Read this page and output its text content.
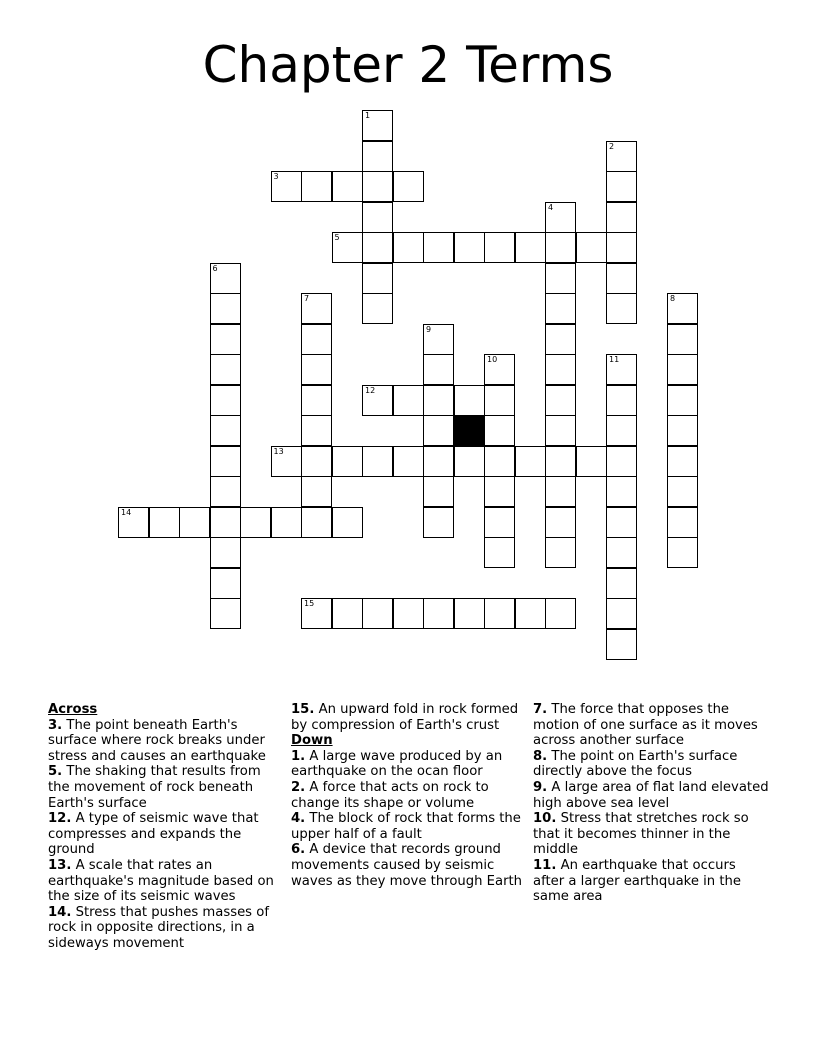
Chapter 2 Terms
1
2
3
4
5
6
7	8
9
10	11
12
13
14
15
Across
3. The point beneath Earth's surface where rock breaks under stress and causes an earthquake
5. The shaking that results from the movement of rock beneath Earth's surface
12. A type of seismic wave that compresses and expands the ground
13. A scale that rates an earthquake's magnitude based on the size of its seismic waves
14. Stress that pushes masses of rock in opposite directions, in a sideways movement
15. An upward fold in rock formed by compression of Earth's crust
Down
1. A large wave produced by an earthquake on the ocan floor
2. A force that acts on rock to change its shape or volume
4. The block of rock that forms the upper half of a fault
6. A device that records ground movements caused by seismic waves as they move through Earth
7. The force that opposes the motion of one surface as it moves across another surface
8. The point on Earth's surface directly above the focus
9. A large area of flat land elevated high above sea level
10. Stress that stretches rock so that it becomes thinner in the middle
11. An earthquake that occurs after a larger earthquake in the same area
